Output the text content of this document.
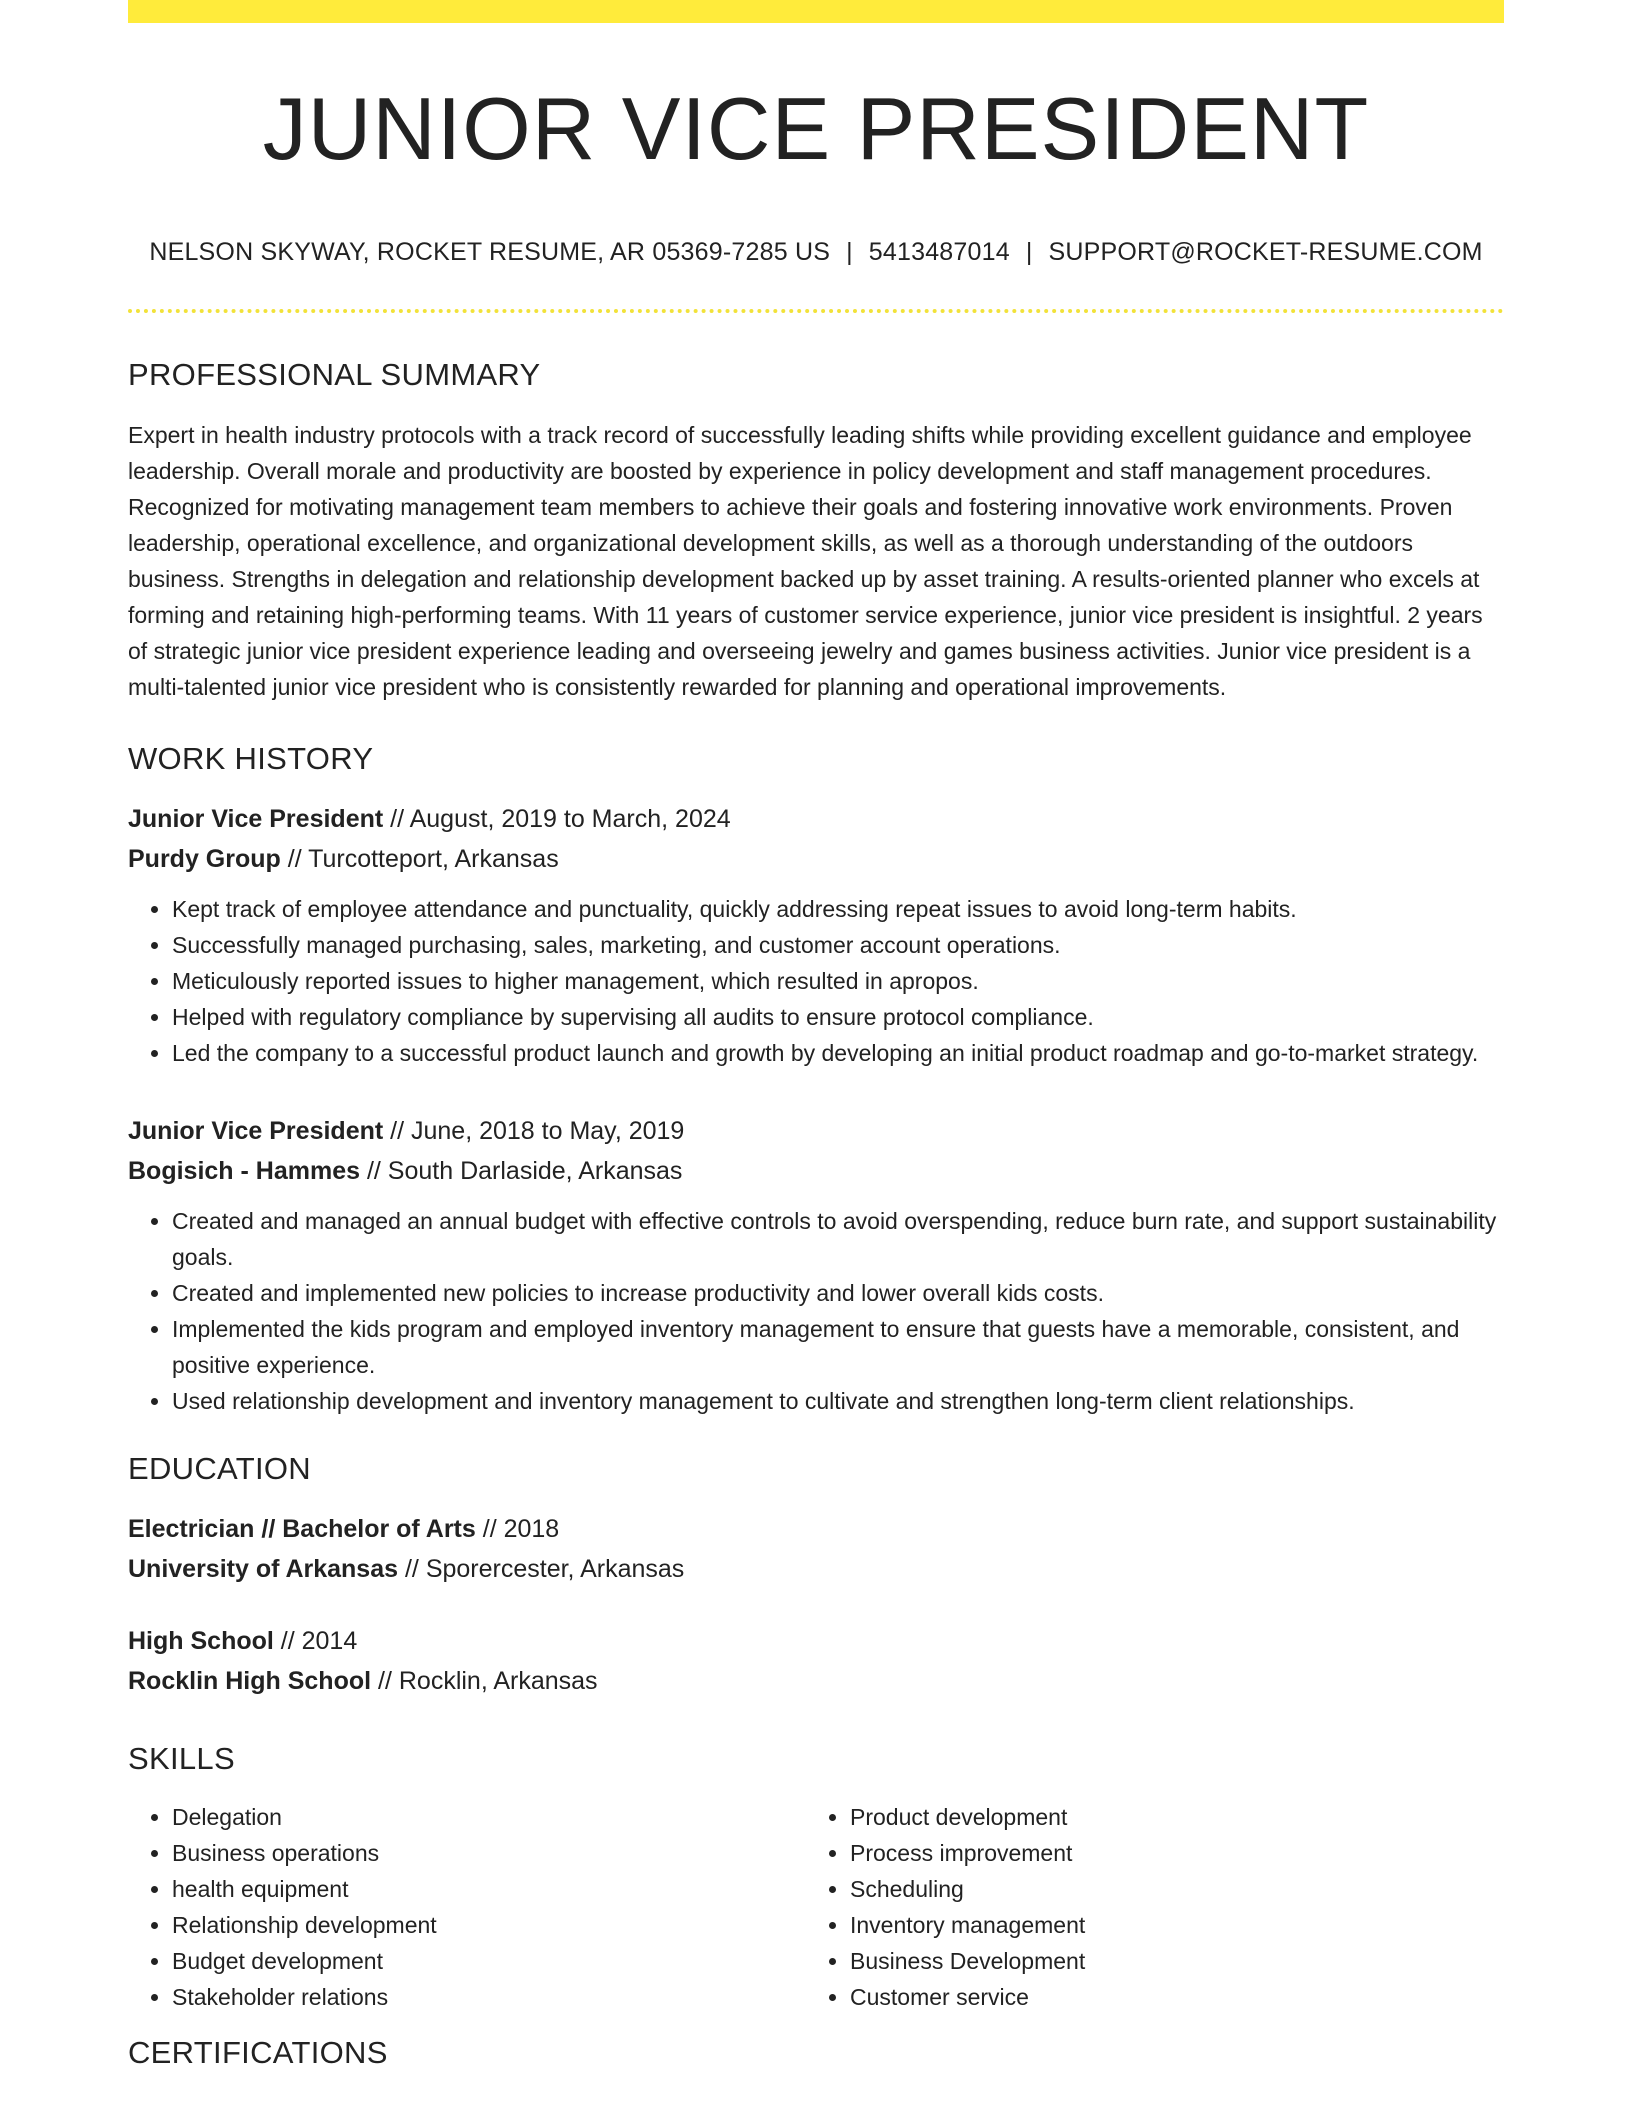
JUNIOR VICE PRESIDENT
NELSON SKYWAY, ROCKET RESUME, AR 05369-7285 US | 5413487014 | SUPPORT@ROCKET-RESUME.COM
PROFESSIONAL SUMMARY
Expert in health industry protocols with a track record of successfully leading shifts while providing excellent guidance and employee leadership. Overall morale and productivity are boosted by experience in policy development and staff management procedures. Recognized for motivating management team members to achieve their goals and fostering innovative work environments. Proven leadership, operational excellence, and organizational development skills, as well as a thorough understanding of the outdoors business. Strengths in delegation and relationship development backed up by asset training. A results-oriented planner who excels at forming and retaining high-performing teams. With 11 years of customer service experience, junior vice president is insightful. 2 years of strategic junior vice president experience leading and overseeing jewelry and games business activities. Junior vice president is a multi-talented junior vice president who is consistently rewarded for planning and operational improvements.
WORK HISTORY
Junior Vice President // August, 2019 to March, 2024
Purdy Group // Turcotteport, Arkansas
• Kept track of employee attendance and punctuality, quickly addressing repeat issues to avoid long-term habits.
• Successfully managed purchasing, sales, marketing, and customer account operations.
• Meticulously reported issues to higher management, which resulted in apropos.
• Helped with regulatory compliance by supervising all audits to ensure protocol compliance.
• Led the company to a successful product launch and growth by developing an initial product roadmap and go-to-market strategy.
Junior Vice President // June, 2018 to May, 2019
Bogisich - Hammes // South Darlaside, Arkansas
• Created and managed an annual budget with effective controls to avoid overspending, reduce burn rate, and support sustainability goals.
• Created and implemented new policies to increase productivity and lower overall kids costs.
• Implemented the kids program and employed inventory management to ensure that guests have a memorable, consistent, and positive experience.
• Used relationship development and inventory management to cultivate and strengthen long-term client relationships.
EDUCATION
Electrician // Bachelor of Arts // 2018
University of Arkansas // Sporercester, Arkansas
High School // 2014
Rocklin High School // Rocklin, Arkansas
SKILLS
• Delegation
• Business operations
• health equipment
• Relationship development
• Budget development
• Stakeholder relations
• Product development
• Process improvement
• Scheduling
• Inventory management
• Business Development
• Customer service
CERTIFICATIONS
